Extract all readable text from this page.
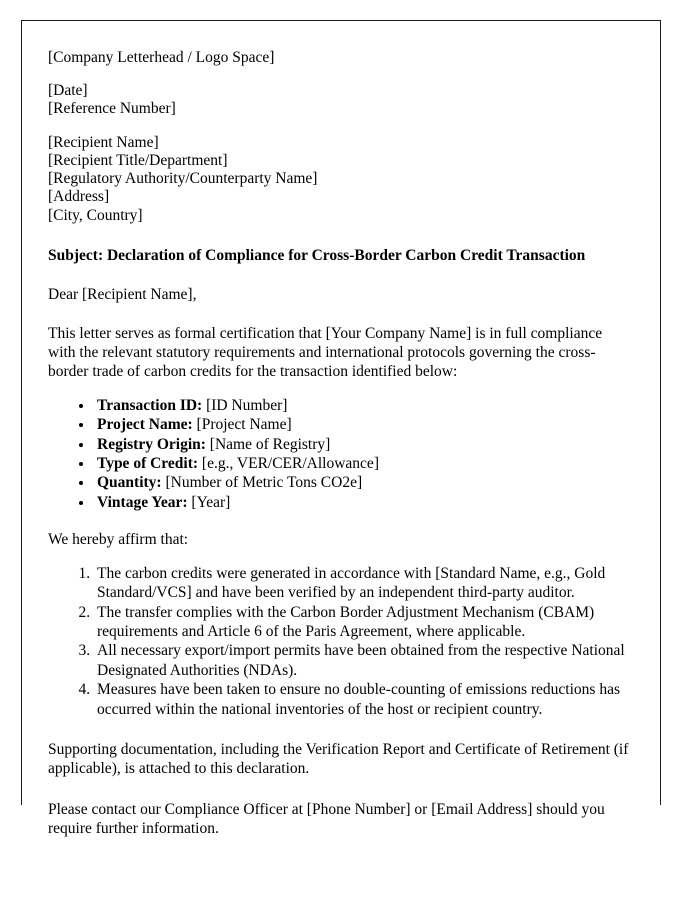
[Company Letterhead / Logo Space]
[Date]
[Reference Number]
[Recipient Name]
[Recipient Title/Department]
[Regulatory Authority/Counterparty Name]
[Address]
[City, Country]
Subject: Declaration of Compliance for Cross-Border Carbon Credit Transaction
Dear [Recipient Name],
This letter serves as formal certification that [Your Company Name] is in full compliance with the relevant statutory requirements and international protocols governing the cross-border trade of carbon credits for the transaction identified below:
• Transaction ID: [ID Number]
• Project Name: [Project Name]
• Registry Origin: [Name of Registry]
• Type of Credit: [e.g., VER/CER/Allowance]
• Quantity: [Number of Metric Tons CO2e]
• Vintage Year: [Year]
We hereby affirm that:
1. The carbon credits were generated in accordance with [Standard Name, e.g., Gold Standard/VCS] and have been verified by an independent third-party auditor.
2. The transfer complies with the Carbon Border Adjustment Mechanism (CBAM) requirements and Article 6 of the Paris Agreement, where applicable.
3. All necessary export/import permits have been obtained from the respective National Designated Authorities (NDAs).
4. Measures have been taken to ensure no double-counting of emissions reductions has occurred within the national inventories of the host or recipient country.
Supporting documentation, including the Verification Report and Certificate of Retirement (if applicable), is attached to this declaration.
Please contact our Compliance Officer at [Phone Number] or [Email Address] should you require further information.
